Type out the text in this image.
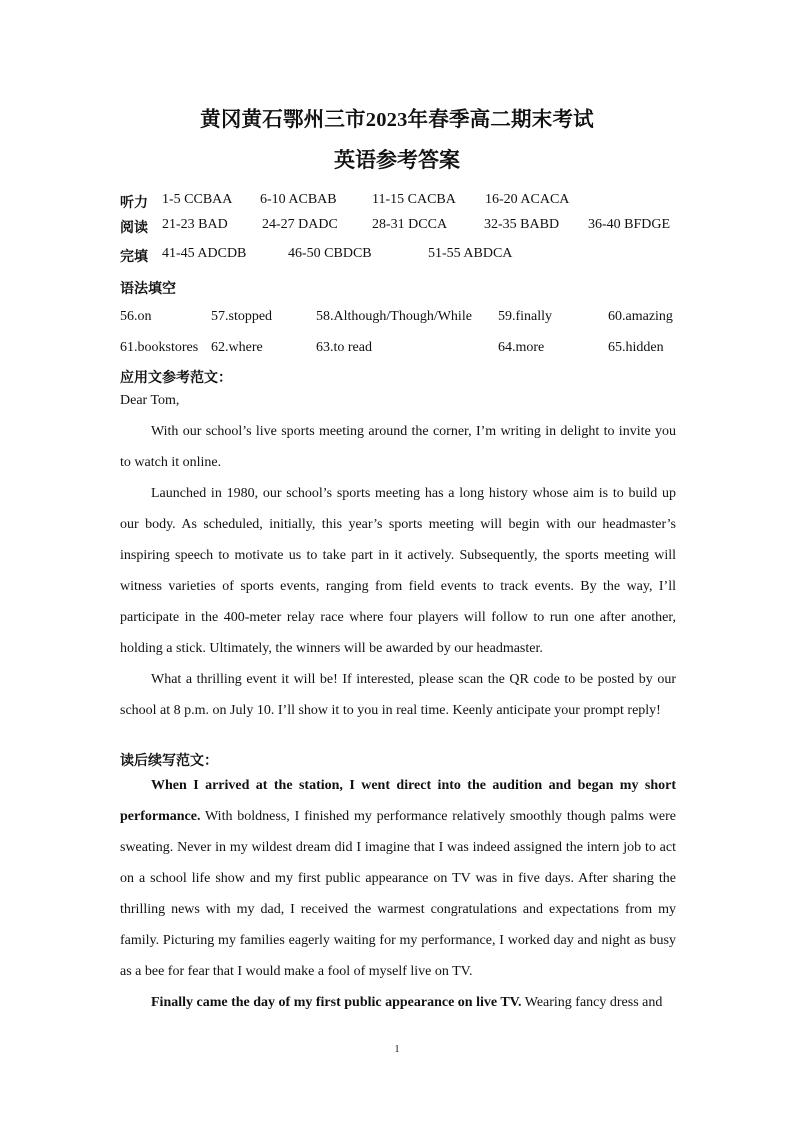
黄冈黄石鄂州三市2023年春季高二期末考试
英语参考答案
听力 1-5 CCBAA 6-10 ACBAB	11-15 CACBA 16-20 ACACA
阅读 21-23 BAD 24-27 DADC 28-31 DCCA	32-35 BABD 36-40 BFDGE
完填 41-45 ADCDB	46-50 CBDCB	51-55 ABDCA
语法填空
56.on	57.stopped	58.Although/Though/While 59.finally	60.amazing
61.bookstores 62.where	63.to read	64.more	65.hidden
应用文参考范文：

Dear Tom,

With our school’s live sports meeting around the corner, I’m writing in delight to invite you to watch it online.

Launched in 1980, our school’s sports meeting has a long history whose aim is to build up our body. As scheduled, initially, this year’s sports meeting will begin with our headmaster’s inspiring speech to motivate us to take part in it actively. Subsequently, the sports meeting will witness varieties of sports events, ranging from field events to track events. By the way, I’ll participate in the 400-meter relay race where four players will follow to run one after another, holding a stick. Ultimately, the winners will be awarded by our headmaster.

What a thrilling event it will be! If interested, please scan the QR code to be posted by our school at 8 p.m. on July 10. I’ll show it to you in real time. Keenly anticipate your prompt reply!

读后续写范文：

When I arrived at the station, I went direct into the audition and began my short performance. With boldness, I finished my performance relatively smoothly though palms were sweating. Never in my wildest dream did I imagine that I was indeed assigned the intern job to act on a school life show and my first public appearance on TV was in five days. After sharing the thrilling news with my dad, I received the warmest congratulations and expectations from my family. Picturing my families eagerly waiting for my performance, I worked day and night as busy as a bee for fear that I would make a fool of myself live on TV.

Finally came the day of my first public appearance on live TV. Wearing fancy dress and

1
